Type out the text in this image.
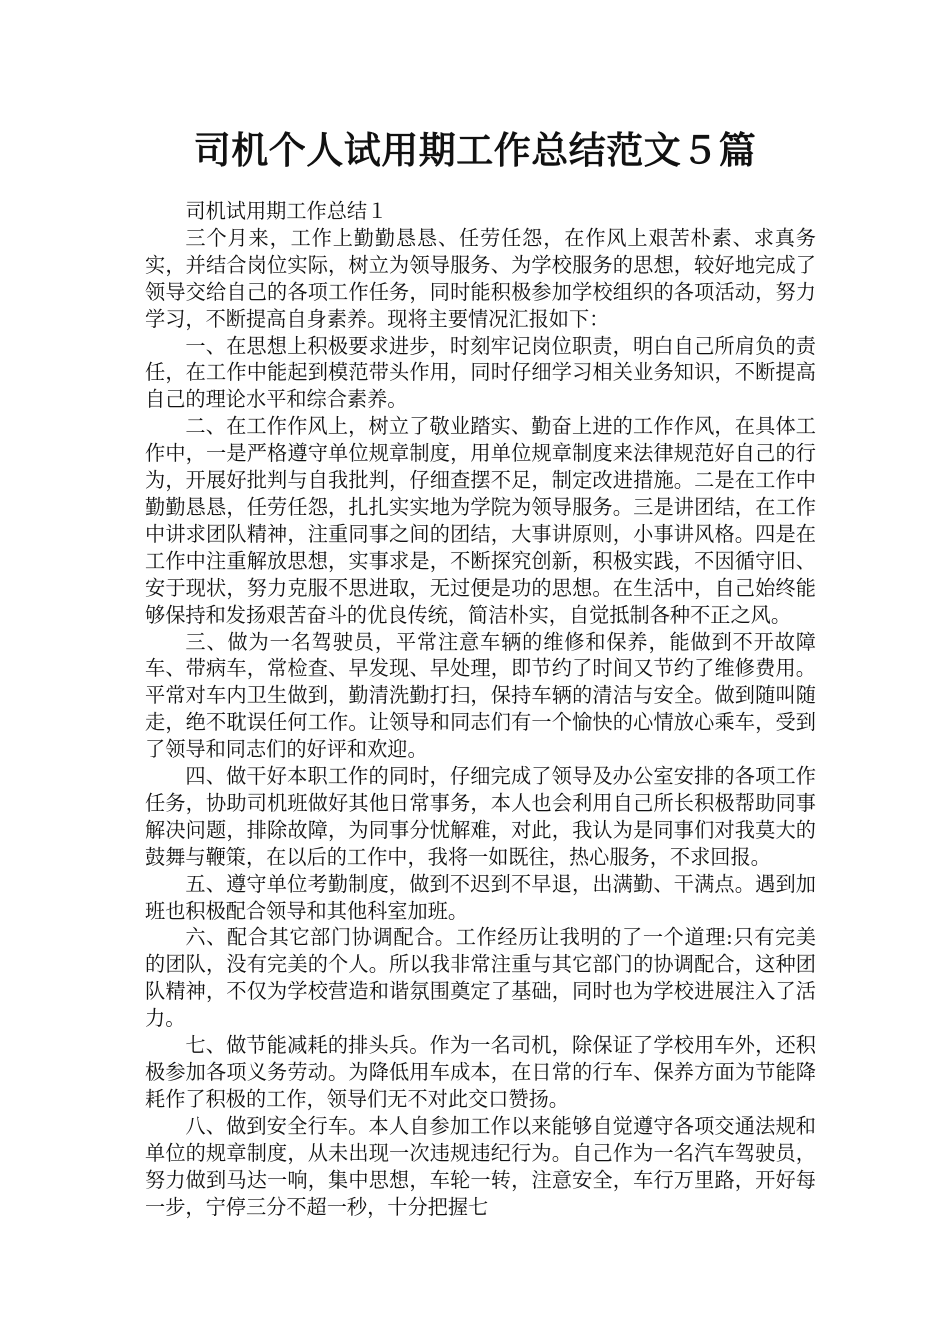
司机个人试用期工作总结范文５篇

司机试用期工作总结１

三个月来，工作上勤勤恳恳、任劳任怨，在作风上艰苦朴素、求真务实，并结合岗位实际，树立为领导服务、为学校服务的思想，较好地完成了领导交给自己的各项工作任务，同时能积极参加学校组织的各项活动，努力学习，不断提高自身素养。现将主要情况汇报如下：

一、在思想上积极要求进步，时刻牢记岗位职责，明白自己所肩负的责任，在工作中能起到模范带头作用，同时仔细学习相关业务知识，不断提高自己的理论水平和综合素养。

二、在工作作风上，树立了敬业踏实、勤奋上进的工作作风，在具体工作中，一是严格遵守单位规章制度，用单位规章制度来法律规范好自己的行为，开展好批判与自我批判，仔细查摆不足，制定改进措施。二是在工作中勤勤恳恳，任劳任怨，扎扎实实地为学院为领导服务。三是讲团结，在工作中讲求团队精神，注重同事之间的团结，大事讲原则，小事讲风格。四是在工作中注重解放思想，实事求是，不断探究创新，积极实践，不因循守旧、安于现状，努力克服不思进取，无过便是功的思想。在生活中，自己始终能够保持和发扬艰苦奋斗的优良传统，简洁朴实，自觉抵制各种不正之风。

三、做为一名驾驶员，平常注意车辆的维修和保养，能做到不开故障车、带病车，常检查、早发现、早处理，即节约了时间又节约了维修费用。平常对车内卫生做到，勤清洗勤打扫，保持车辆的清洁与安全。做到随叫随走，绝不耽误任何工作。让领导和同志们有一个愉快的心情放心乘车，受到了领导和同志们的好评和欢迎。

四、做干好本职工作的同时，仔细完成了领导及办公室安排的各项工作任务，协助司机班做好其他日常事务，本人也会利用自己所长积极帮助同事解决问题，排除故障，为同事分忧解难，对此，我认为是同事们对我莫大的鼓舞与鞭策，在以后的工作中，我将一如既往，热心服务，不求回报。

五、遵守单位考勤制度，做到不迟到不早退，出满勤、干满点。遇到加班也积极配合领导和其他科室加班。

六、配合其它部门协调配合。工作经历让我明的了一个道理:只有完美的团队，没有完美的个人。所以我非常注重与其它部门的协调配合，这种团队精神，不仅为学校营造和谐氛围奠定了基础，同时也为学校进展注入了活力。

七、做节能减耗的排头兵。作为一名司机，除保证了学校用车外，还积极参加各项义务劳动。为降低用车成本，在日常的行车、保养方面为节能降耗作了积极的工作，领导们无不对此交口赞扬。

八、做到安全行车。本人自参加工作以来能够自觉遵守各项交通法规和单位的规章制度，从未出现一次违规违纪行为。自己作为一名汽车驾驶员，努力做到马达一响，集中思想，车轮一转，注意安全，车行万里路，开好每一步，宁停三分不超一秒，十分把握七
